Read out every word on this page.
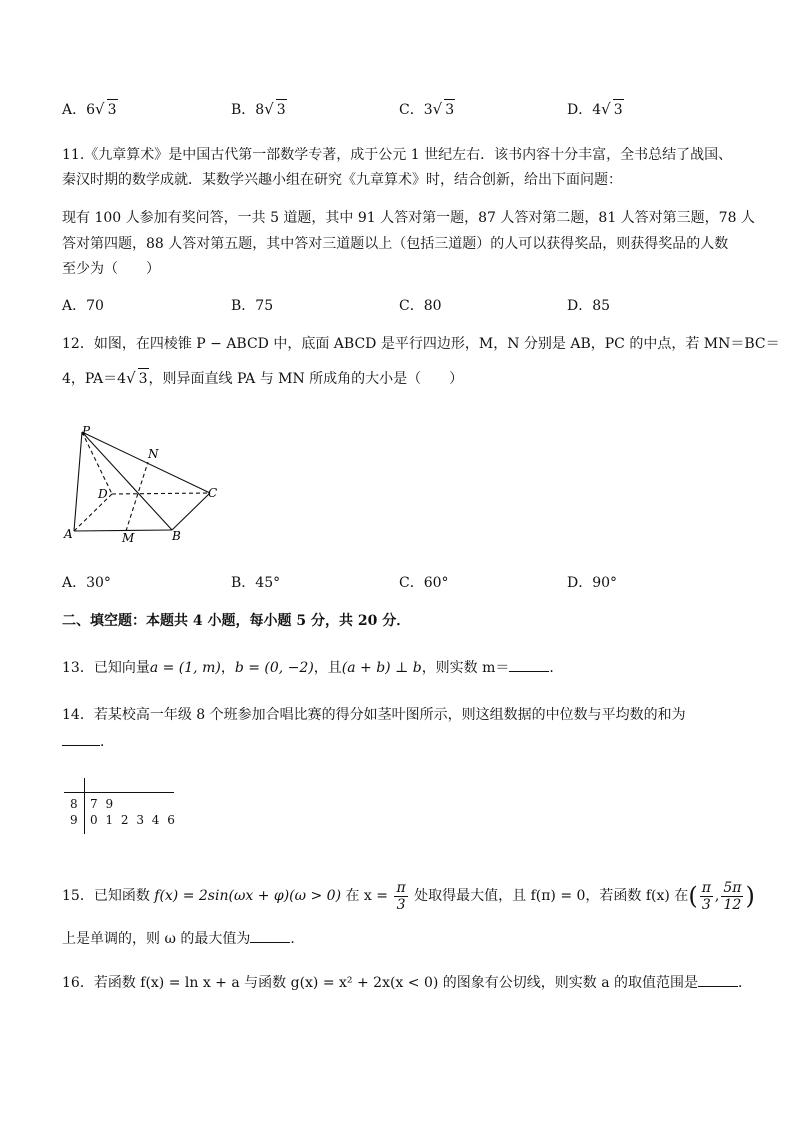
A．6√ 3	B．8√ 3	C．3√ 3	D．4√ 3
11.《九章算术》是中国古代第一部数学专著，成于公元 1 世纪左右．该书内容十分丰富，全书总结了战国、
秦汉时期的数学成就．某数学兴趣小组在研究《九章算术》时，结合创新，给出下面问题：
现有 100 人参加有奖问答，一共 5 道题，其中 91 人答对第一题，87 人答对第二题，81 人答对第三题，78 人
答对第四题，88 人答对第五题，其中答对三道题以上（包括三道题）的人可以获得奖品，则获得奖品的人数
至少为（　　）
A．70	B．75	C．80	D．85
12．如图，在四棱锥 P − ABCD 中，底面 ABCD 是平行四边形，M，N 分别是 AB，PC 的中点，若 MN＝BC＝
4，PA＝4√ 3，则异面直线 PA 与 MN 所成角的大小是（　　）
P
N
D	C
A	M	B
A．30°	B．45°	C．60°	D．90°
二、填空题：本题共 4 小题，每小题 5 分，共 20 分．
13．已知向量a = (1, m)，b = (0, −2)，且(a + b) ⊥ b，则实数 m＝	．
14．若某校高一年级 8 个班参加合唱比赛的得分如茎叶图所示，则这组数据的中位数与平均数的和为
．
8 7 9
9 0 1 2 3 4 6
15．已知函数 f(x) = 2sin(ωx + φ)(ω > 0) 在 $x = \frac{\pi}{3}$ 处取得最大值，且 f(π) = 0，若函数 f(x) 在( $\frac{\pi}{3}$ , $\frac{5\pi}{12}$ )
上是单调的，则 ω 的最大值为	．
16．若函数 f(x) = ln x + a 与函数 g(x) = x² + 2x(x < 0) 的图象有公切线，则实数 a 的取值范围是	．
